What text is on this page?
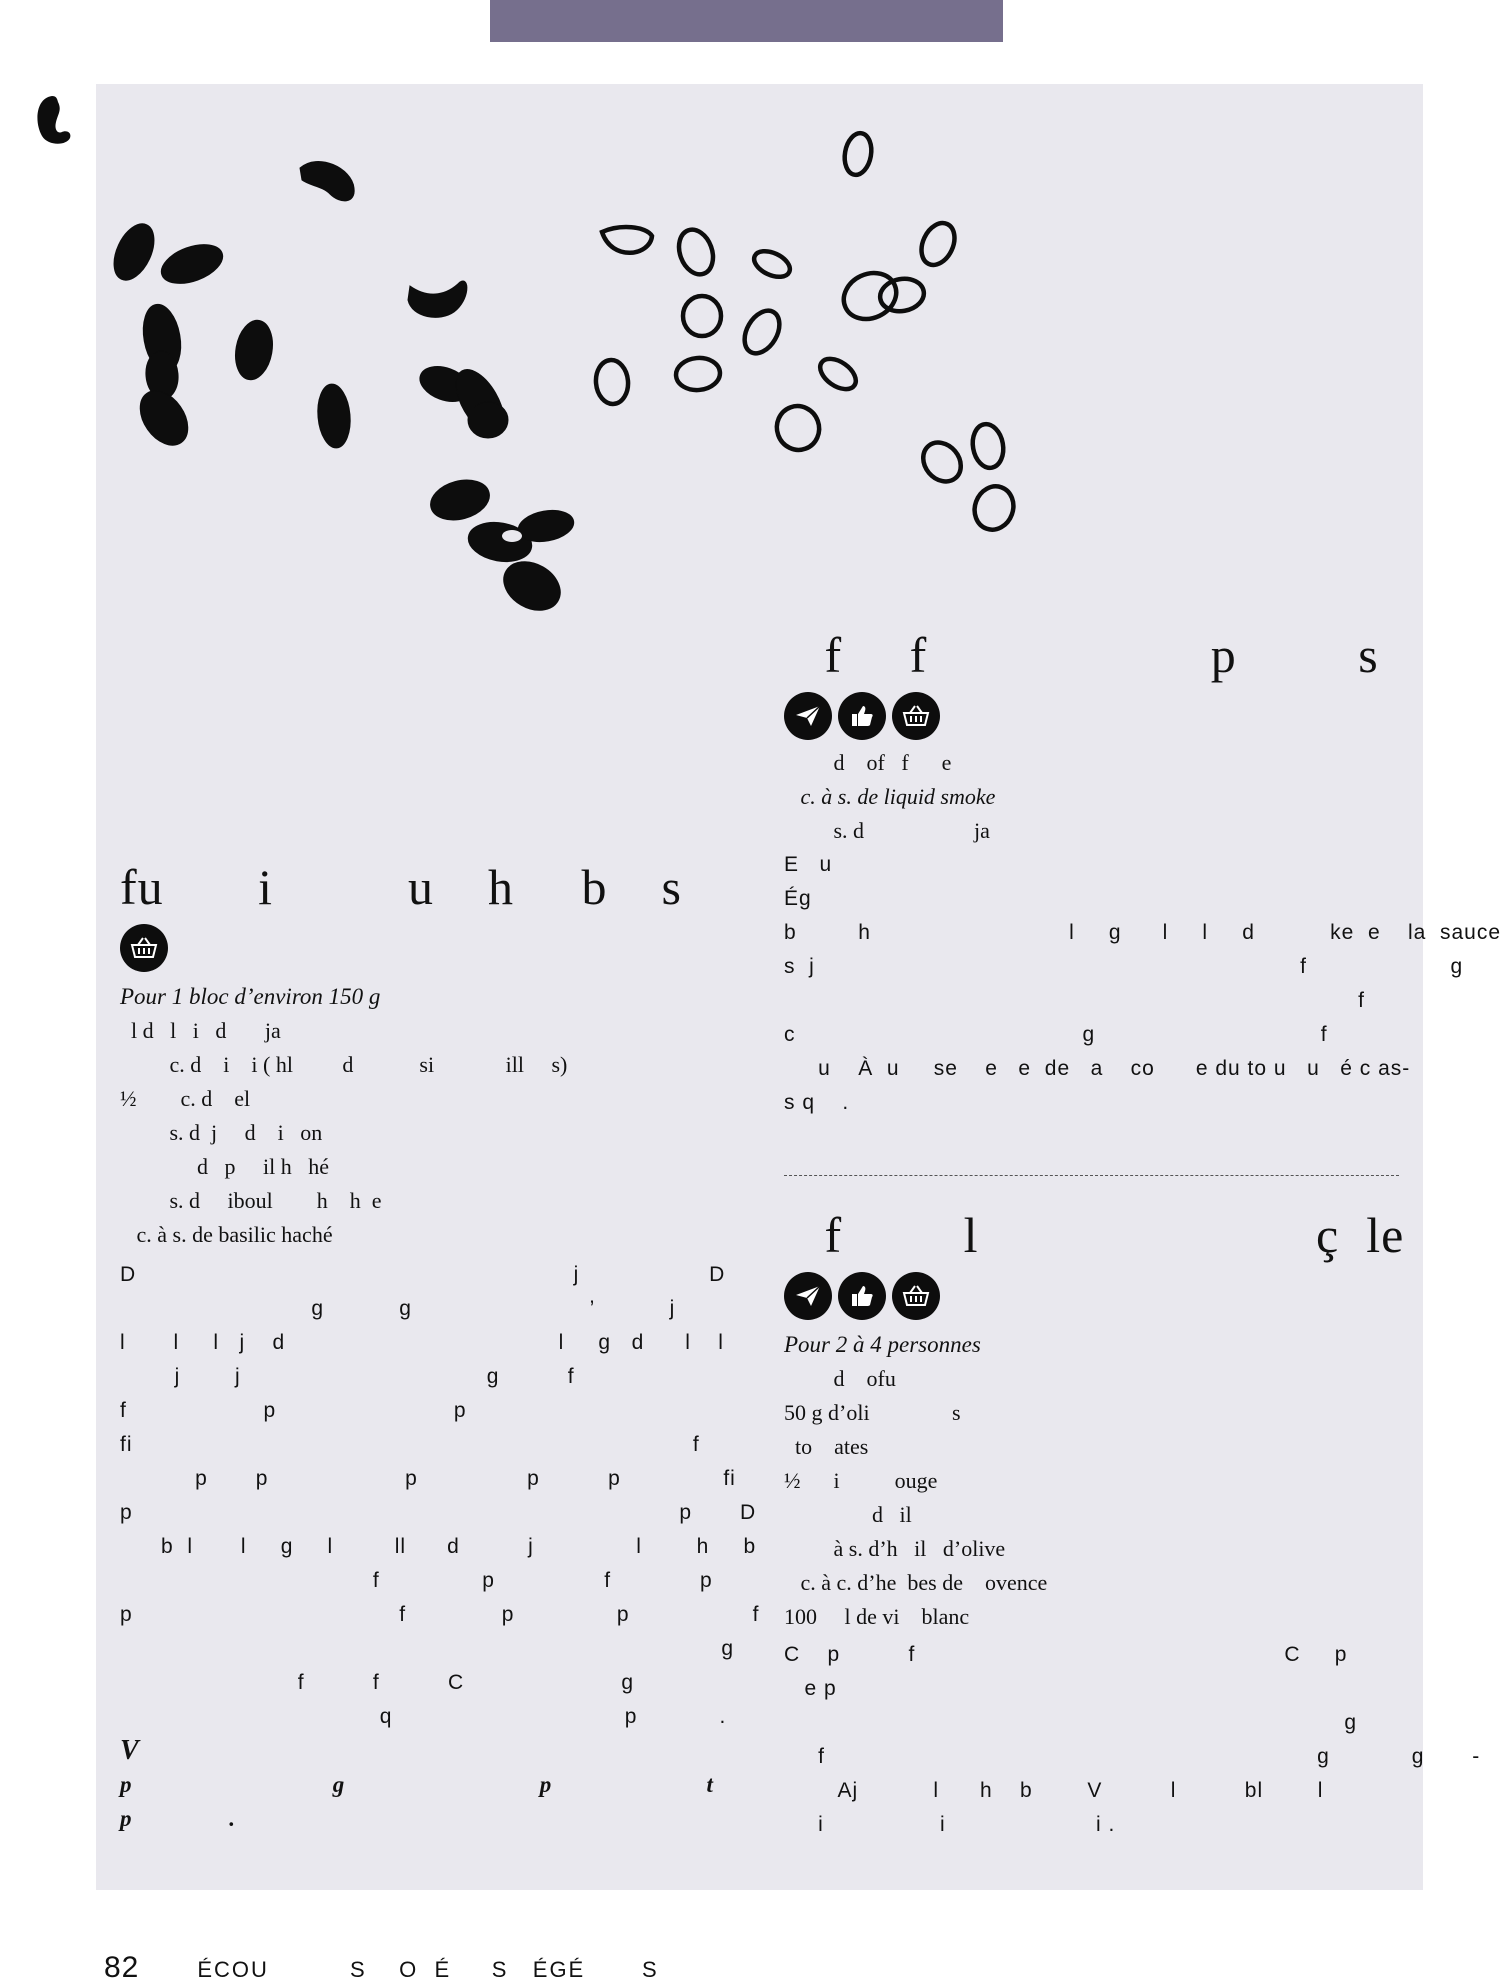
fu       i          u    h     b    s

Pour 1 bloc d’environ 150 g

l d   l   i   d       ja

c. d    i    i ( hl         d            si             ill     s)

½        c. d    el

s. d  j     d    i   on

d   p     il h   hé

s. d     iboul        h    h  e

c. à s. de basilic haché

D                                                                j                   D

g           g                          ’           j

l       l     l   j    d                                        l     g   d      l    l

j        j                                    g          f

f                    p                          p

fi                                                                                  f

p       p                    p                p          p               fi

p                                                                                p       D

b  l       l     g     l         ll      d          j               l        h     b

f               p                f             p

p                                       f              p               p                  f

g

f          f          C                       g

q                                  p            .

V

p                                   g                                  p                           t

p                 .

f     f                     p         s

d    of   f      e

c. à s. de liquid smoke

s. d                    ja

E   u

Ég

b         h                             l     g      l     l     d           ke  e    la  sauce

s  j                                                                       f                     g

f

c                                          g                                 f

u    À  u     se    e   e  de   a    co      e du to u   u   é c as-

s q    .

f         l                         ç  le

Pour 2 à 4 personnes

d    ofu

50 g d’oli               s

to    ates

½      i          ouge

d   il

à s. d’h   il   d’olive

c. à c. d’he  bes de    ovence

100     l de vi    blanc

C    p          f                                                      C     p

e p

g

f                                                                        g            g       -

Aj           l      h    b        V          l          bl        l

i                 i                      i .

82	ÉCOU          S    O  É     S   ÉGÉ       S
